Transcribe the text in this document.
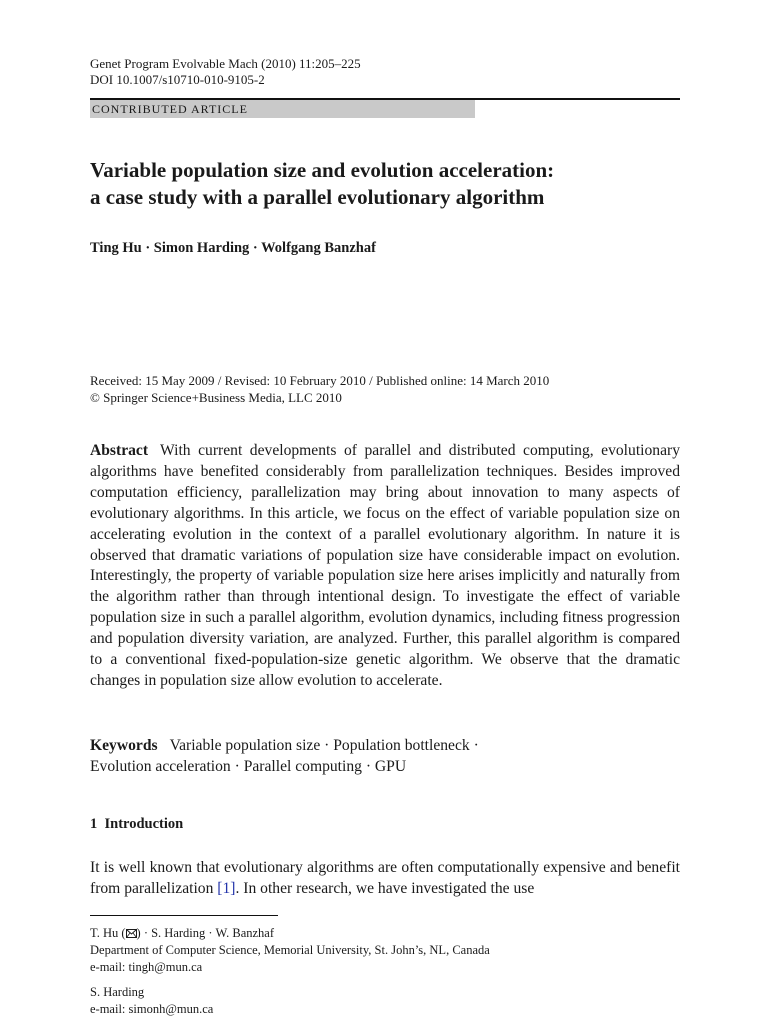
Genet Program Evolvable Mach (2010) 11:205–225
DOI 10.1007/s10710-010-9105-2
CONTRIBUTED ARTICLE
Variable population size and evolution acceleration:
a case study with a parallel evolutionary algorithm
Ting Hu · Simon Harding · Wolfgang Banzhaf
Received: 15 May 2009 / Revised: 10 February 2010 / Published online: 14 March 2010
© Springer Science+Business Media, LLC 2010
Abstract With current developments of parallel and distributed computing, evolutionary algorithms have benefited considerably from parallelization techniques. Besides improved computation efficiency, parallelization may bring about innovation to many aspects of evolutionary algorithms. In this article, we focus on the effect of variable population size on accelerating evolution in the context of a parallel evolutionary algorithm. In nature it is observed that dramatic variations of population size have considerable impact on evolution. Interestingly, the property of variable population size here arises implicitly and naturally from the algorithm rather than through intentional design. To investigate the effect of variable population size in such a parallel algorithm, evolution dynamics, including fitness progression and population diversity variation, are analyzed. Further, this parallel algorithm is compared to a conventional fixed-population-size genetic algorithm. We observe that the dramatic changes in population size allow evolution to accelerate.
Keywords Variable population size · Population bottleneck ·
Evolution acceleration · Parallel computing · GPU
1 Introduction
It is well known that evolutionary algorithms are often computationally expensive and benefit from parallelization [1]. In other research, we have investigated the use
T. Hu ( ) · S. Harding · W. Banzhaf
Department of Computer Science, Memorial University, St. John’s, NL, Canada
e-mail: tingh@mun.ca
S. Harding
e-mail: simonh@mun.ca
